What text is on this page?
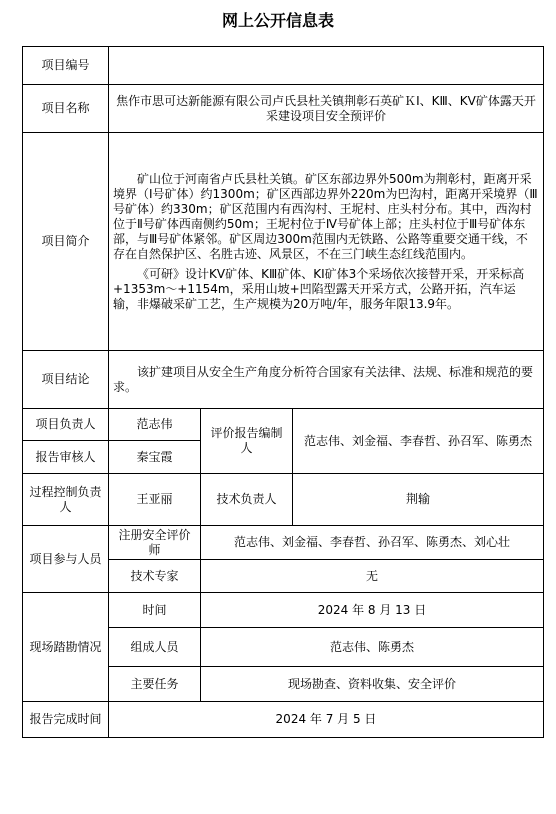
网上公开信息表
项目编号			
项目名称	焦作市思可达新能源有限公司卢氏县杜关镇荆彰石英矿ＫⅠ、KⅢ、KⅤ矿体露天开采建设项目安全预评价		
项目简介	矿山位于河南省卢氏县杜关镇。矿区东部边界外500m为荆彰村，距离开采境界（Ⅰ号矿体）约1300m；矿区西部边界外220m为巴沟村，距离开采境界（Ⅲ号矿体）约330m；矿区范围内有西沟村、王坭村、庄头村分布。其中，西沟村位于Ⅱ号矿体西南侧约50m；王坭村位于Ⅳ号矿体上部；庄头村位于Ⅲ号矿体东部，与Ⅲ号矿体紧邻。矿区周边300m范围内无铁路、公路等重要交通干线，不存在自然保护区、名胜古迹、风景区，不在三门峡生态红线范围内。

《可研》设计KⅤ矿体、KⅢ矿体、KⅠ矿体3个采场依次接替开采，开采标高+1353m～+1154m，采用山坡+凹陷型露天开采方式，公路开拓，汽车运输，非爆破采矿工艺，生产规模为20万吨/年，服务年限13.9年。		

项目结论	该扩建项目从安全生产角度分析符合国家有关法律、法规、标准和规范的要求。		

项目负责人	范志伟	评价报告编制人	范志伟、刘金福、李春哲、孙召军、陈勇杰
报告审核人	秦宝霞		
过程控制负责人	王亚丽	技术负责人	荆输
项目参与人员	注册安全评价师	范志伟、刘金福、李春哲、孙召军、陈勇杰、刘心壮	
	技术专家	无	
现场踏勘情况	时间	2024 年 8 月 13 日	
	组成人员	范志伟、陈勇杰	
	主要任务	现场勘查、资料收集、安全评价	
报告完成时间	2024 年 7 月 5 日		
